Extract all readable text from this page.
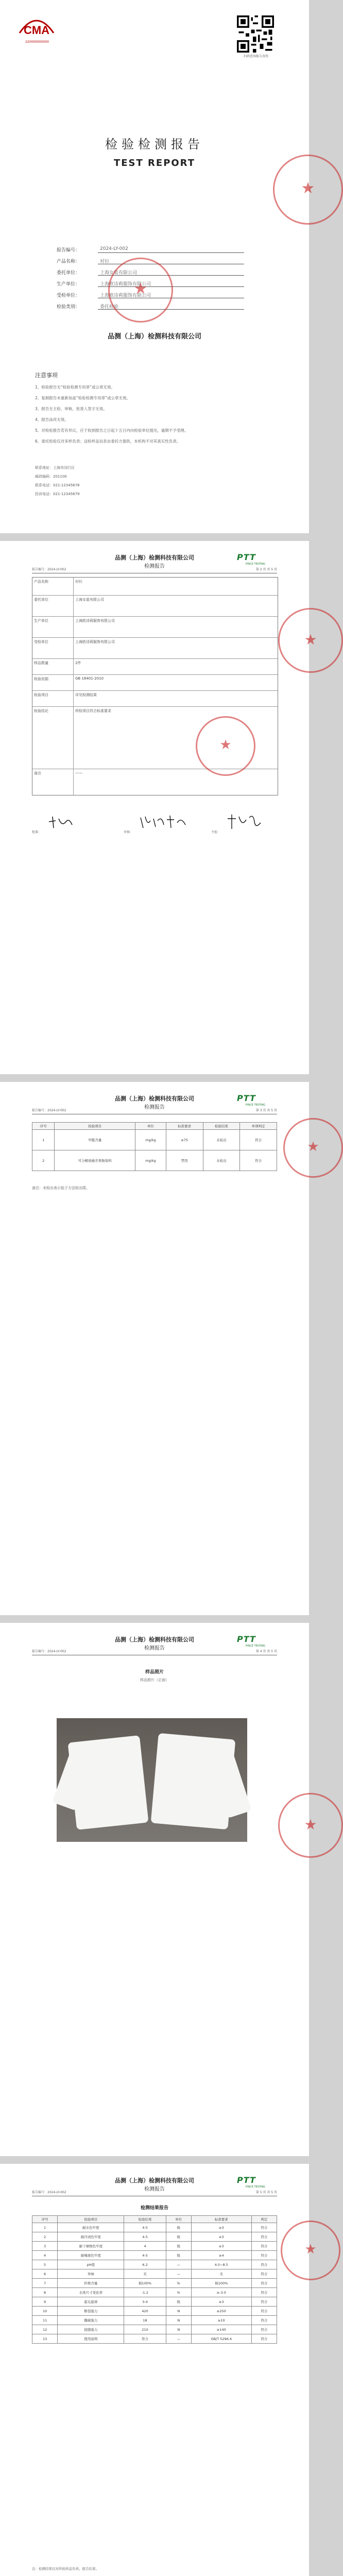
CMA
220000000000
扫码查询报告真伪
检验检测报告
TEST REPORT
报告编号：	2024-LY-002
产品名称：	衬衫
委托单位：	上海女装有限公司
生产单位：	上海欧诗莉服饰有限公司
受检单位：	上海欧诗莉服饰有限公司
检验类别：	委托检验
★
★
品测（上海）检测科技有限公司
注意事项
1、检验报告无“检验检测专用章”或公章无效。
2、复制报告未重新加盖“检验检测专用章”或公章无效。
3、报告无主检、审核、批准人签字无效。
4、报告涂改无效。
5、对检验报告若有异议，应于收到报告之日起十五日内向检验单位提出，逾期不予受理。
6、委托检验仅对来样负责；送检样品信息由委托方提供，本机构不对其真实性负责。
联系地址：上海市闵行区
邮政编码：201100
联系电话：021-12345678
投诉电话：021-12345679
品测（上海）检测科技有限公司
检测报告
报告编号：2024-LY-002
PTT
PINCE TESTING
第 2 页 共 5 页
产品名称	衬衫
委托单位	上海女装有限公司
生产单位	上海欧诗莉服饰有限公司
受检单位	上海欧诗莉服饰有限公司
样品数量	2件
检验依据	GB 18401-2010
检验项目	详见检测结果
检验结论	所检项目符合标准要求
备注	——
★
★
批准：	审核：	主检：
品测（上海）检测科技有限公司
检测报告
报告编号：2024-LY-002
PTT
PINCE TESTING
第 3 页 共 5 页
序号	检验项目	单位	标准要求	检验结果	单项判定
1	甲醛含量	mg/kg	≤75	未检出	符合
2	可分解致癌芳香胺染料	mg/kg	禁用	未检出	符合
备注：未检出表示低于方法检出限。
★
品测（上海）检测科技有限公司
检测报告
报告编号：2024-LY-002
PTT
PINCE TESTING
第 4 页 共 5 页
样品照片
样品照片（正面）
★
品测（上海）检测科技有限公司
检测报告
报告编号：2024-LY-002
PTT
PINCE TESTING
第 5 页 共 5 页
检测结果报告
序号	检验项目	检验结果	单位	标准要求	判定
1	耐水色牢度	4-5	级	≥3	符合
2	耐汗渍色牢度	4-5	级	≥3	符合
3	耐干摩擦色牢度	4	级	≥3	符合
4	耐唾液色牢度	4-5	级	≥4	符合
5	pH值	6.2	—	4.0~8.5	符合
6	异味	无	—	无	符合
7	纤维含量	棉100%	%	棉100%	符合
8	水洗尺寸变化率	-1.2	%	≥-3.0	符合
9	起毛起球	3-4	级	≥3	符合
10	断裂强力	420	N	≥250	符合
11	撕破强力	18	N	≥10	符合
12	接缝强力	210	N	≥140	符合
13	使用说明	符合	—	GB/T 5296.4	符合
注：检测结果仅对所检样品负责。报告结束。
★
